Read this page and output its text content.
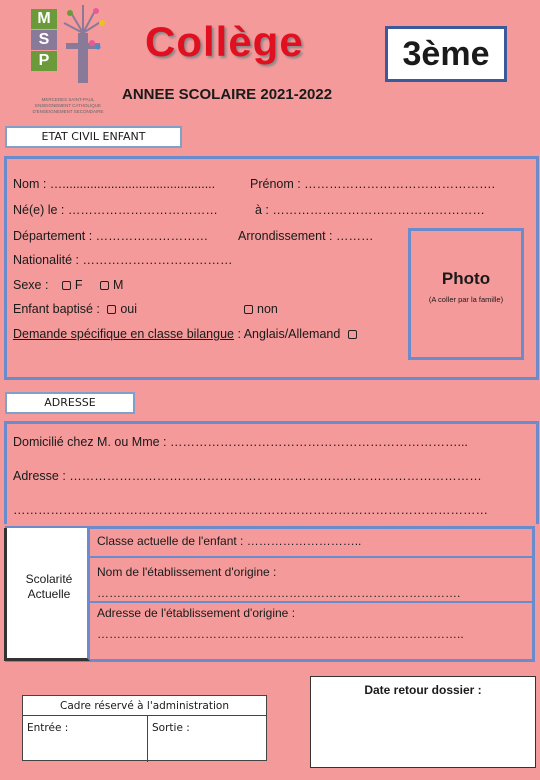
M
S
P
MERCEDES SAINT-PAUL
ENSEIGNEMENT CATHOLIQUE
D'ENSEIGNEMENT SECONDAIRE
Collège	3ème
ANNEE SCOLAIRE 2021-2022
ETAT CIVIL ENFANT
Nom : …............................................	Prénom : ……………………………………….
Né(e) le : ………………………………	à : ……………………………………………
Département : ……………………… Arrondissement : ………
Nationalité : ………………………………
Sexe : F M
Enfant baptisé : oui	non
Demande spécifique en classe bilangue : Anglais/Allemand
Photo
(A coller par la famille)
ADRESSE
Domicilié chez M. ou Mme : ……………………………………………………………...
Adresse : ………………………………………………………………………………………
……………………………………………………………………………………………………
Scolarité
Actuelle
Classe actuelle de l'enfant : ………………………..
Nom de l'établissement d'origine :
……………………………………………………………………………….
Adresse de l'établissement d'origine :
………………………………………………………………………………..
Cadre réservé à l'administration
Entrée :	Sortie :
Date retour dossier :
